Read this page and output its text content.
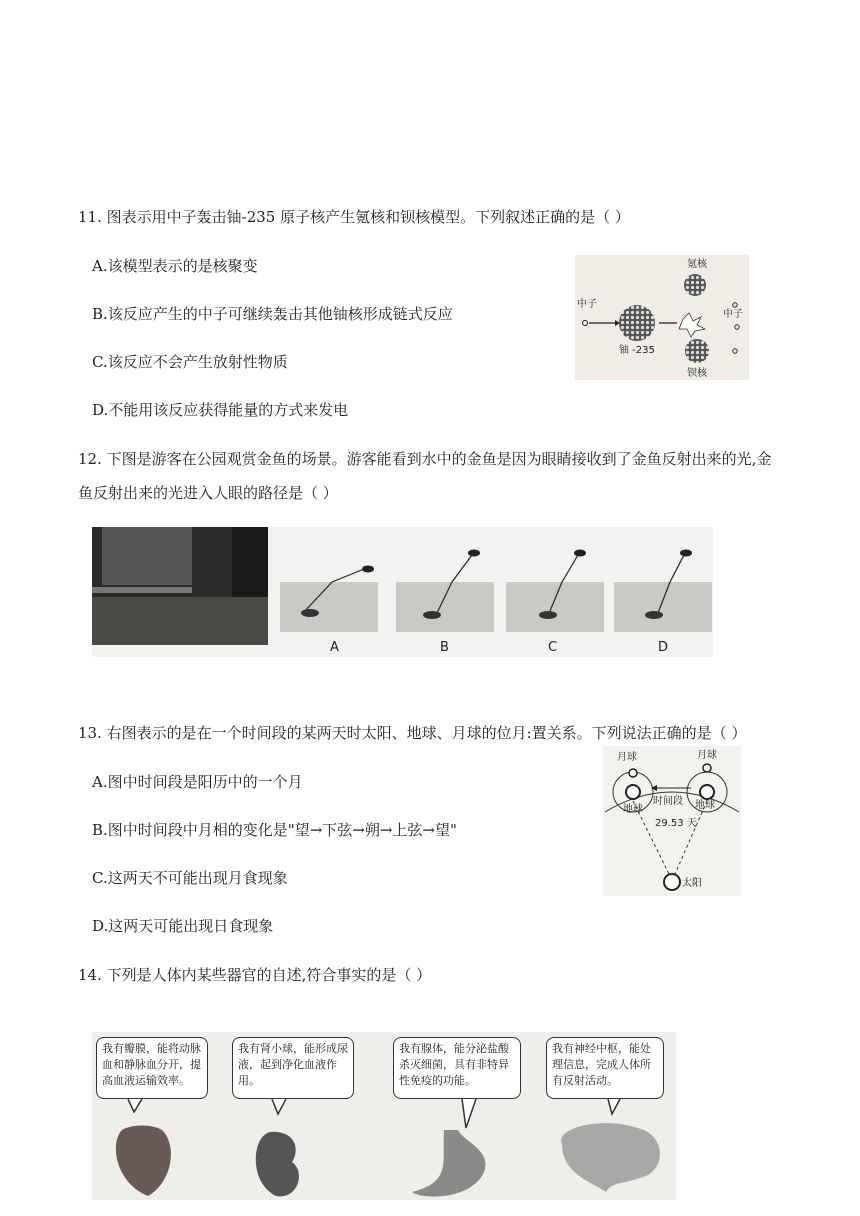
11. 图表示用中子轰击铀-235 原子核产生氪核和钡核模型。下列叙述正确的是（ ）
A.该模型表示的是核聚变
B.该反应产生的中子可继续轰击其他铀核形成链式反应
C.该反应不会产生放射性物质
D.不能用该反应获得能量的方式来发电
氪核
中子
中子
铀 -235
钡核
12. 下图是游客在公园观赏金鱼的场景。游客能看到水中的金鱼是因为眼睛接收到了金鱼反射出来的光,金
鱼反射出来的光进入人眼的路径是（ ）
A	B	C	D
13. 右图表示的是在一个时间段的某两天时太阳、地球、月球的位月:置关系。下列说法正确的是（ ）
A.图中时间段是阳历中的一个月
B.图中时间段中月相的变化是"望→下弦→朔→上弦→望"
C.这两天不可能出现月食现象
D.这两天可能出现日食现象
月球	月球
地球	地球
时间段
29.53 天
太阳
14. 下列是人体内某些器官的自述,符合事实的是（ ）
我有瓣膜，能将动脉血和静脉血分开，提高血液运输效率。
我有肾小球，能形成尿液，起到净化血液作用。
我有腺体，能分泌盐酸杀灭细菌，具有非特异性免疫的功能。
我有神经中枢，能处理信息，完成人体所有反射活动。
